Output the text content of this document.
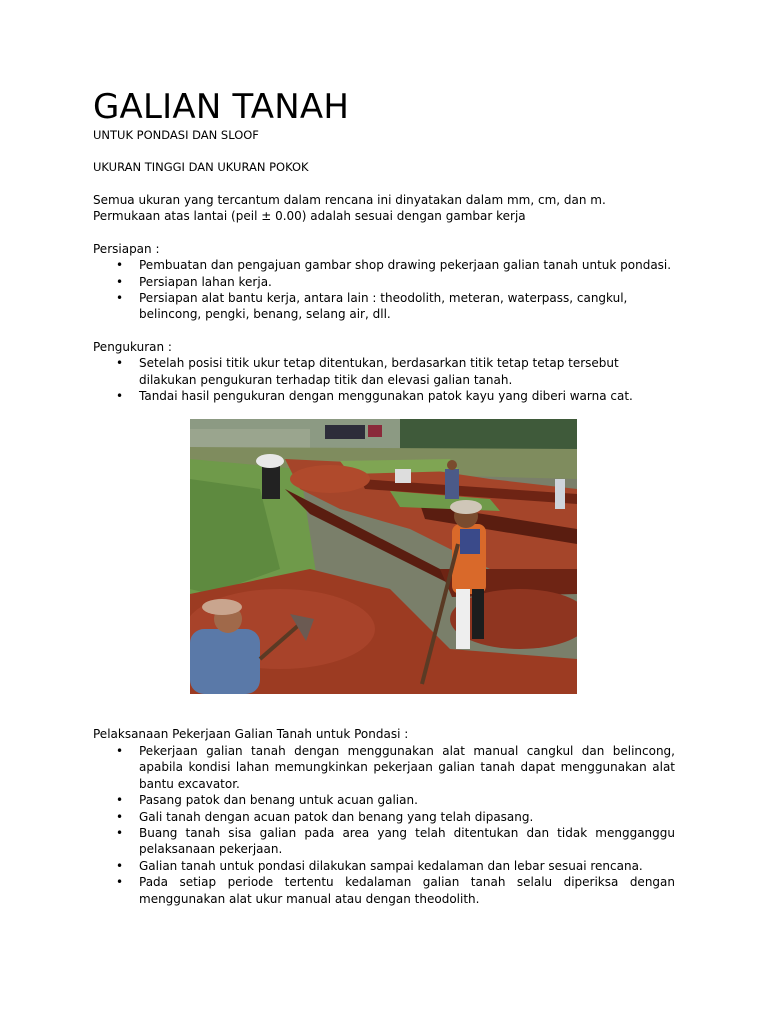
GALIAN TANAH

UNTUK PONDASI DAN SLOOF

UKURAN TINGGI DAN UKURAN POKOK

Semua ukuran yang tercantum dalam rencana ini dinyatakan dalam mm, cm, dan m.

Permukaan atas lantai (peil ± 0.00) adalah sesuai dengan gambar kerja

Persiapan :

• Pembuatan dan pengajuan gambar shop drawing pekerjaan galian tanah untuk pondasi.
• Persiapan lahan kerja.
• Persiapan alat bantu kerja, antara lain : theodolith, meteran, waterpass, cangkul, belincong, pengki, benang, selang air, dll.

Pengukuran :

• Setelah posisi titik ukur tetap ditentukan, berdasarkan titik tetap tetap tersebut dilakukan pengukuran terhadap titik dan elevasi galian tanah.
• Tandai hasil pengukuran dengan menggunakan patok kayu yang diberi warna cat.

Pelaksanaan Pekerjaan Galian Tanah untuk Pondasi :

• Pekerjaan galian tanah dengan menggunakan alat manual cangkul dan belincong, apabila kondisi lahan memungkinkan pekerjaan galian tanah dapat menggunakan alat bantu excavator.
• Pasang patok dan benang untuk acuan galian.
• Gali tanah dengan acuan patok dan benang yang telah dipasang.
• Buang tanah sisa galian pada area yang telah ditentukan dan tidak mengganggu pelaksanaan pekerjaan.
• Galian tanah untuk pondasi dilakukan sampai kedalaman dan lebar sesuai rencana.
• Pada setiap periode tertentu kedalaman galian tanah selalu diperiksa dengan menggunakan alat ukur manual atau dengan theodolith.
